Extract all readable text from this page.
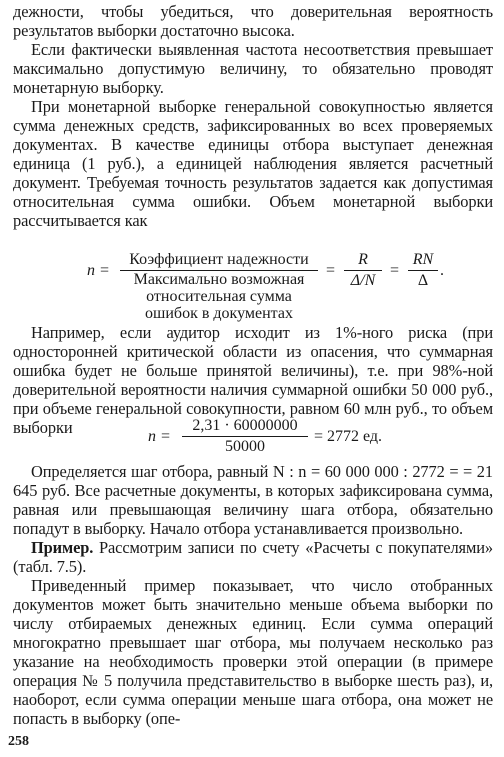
дежности, чтобы убедиться, что доверительная вероятность результатов выборки достаточно высока.

Если фактически выявленная частота несоответствия превышает максимально допустимую величину, то обязательно проводят монетарную выборку.

При монетарной выборке генеральной совокупностью является сумма денежных средств, зафиксированных во всех проверяемых документах. В качестве единицы отбора выступает денежная единица (1 руб.), а единицей наблюдения является расчетный документ. Требуемая точность результатов задается как допустимая относительная сумма ошибки. Объем монетарной выборки рассчитывается как

n =
Коэффициент надежности
Максимально возможная
относительная сумма
ошибок в документах
=
R
Δ/N
=
RN
Δ
.

Например, если аудитор исходит из 1%-ного риска (при односторонней критической области из опасения, что суммарная ошибка будет не больше принятой величины), т.е. при 98%-ной доверительной вероятности наличия суммарной ошибки 50 000 руб., при объеме генеральной совокупности, равном 60 млн руб., то объем выборки	n =
2,31 · 60000000
50000
= 2772 ед.

Определяется шаг отбора, равный N : n = 60 000 000 : 2772 = = 21 645 руб. Все расчетные документы, в которых зафиксирована сумма, равная или превышающая величину шага отбора, обязательно попадут в выборку. Начало отбора устанавливается произвольно.

Пример. Рассмотрим записи по счету «Расчеты с покупателями» (табл. 7.5).

Приведенный пример показывает, что число отобранных документов может быть значительно меньше объема выборки по числу отбираемых денежных единиц. Если сумма операций многократно превышает шаг отбора, мы получаем несколько раз указание на необходимость проверки этой операции (в примере операция № 5 получила представительство в выборке шесть раз), и, наоборот, если сумма операции меньше шага отбора, она может не попасть в выборку (опе-

258
